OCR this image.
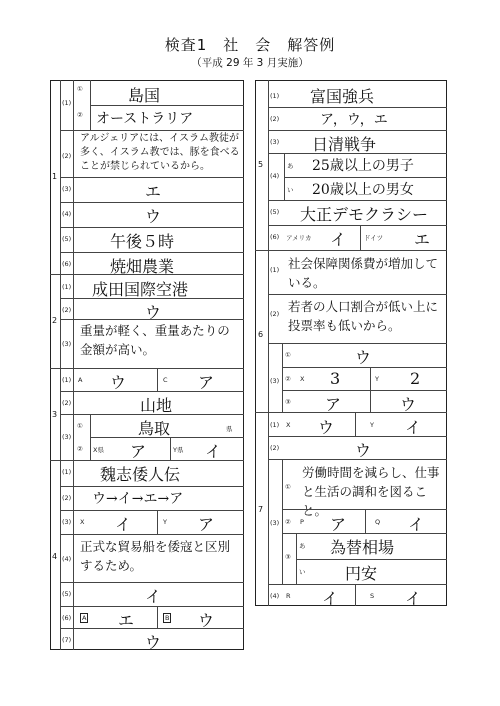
検査1　社　会　解答例
（平成 29 年 3 月実施）
1
(1)
①	島国
② オーストラリア
(2)
アルジェリアには、イスラム教徒が多く、イスラム教では、豚を食べることが禁じられているから。
(3)	エ
(4)	ウ
(5) 午後５時
(6) 焼畑農業
2
(1) 成田国際空港
(2)	ウ
(3)
重量が軽く、重量あたりの金額が高い。
3
(1) A ウ	C ア
(2)	山地
(3)
①	鳥取	県
② X県 ア	Y県 イ
4
(1) 魏志倭人伝
(2) ウ→イ→エ→ア
(3) X イ	Y ア
(4)
正式な貿易船を倭寇と区別するため。
(5)	イ
(6)	A エ	B ウ
(7)	ウ
5
(1) 富国強兵
(2)	ア，ウ，エ
(3) 日清戦争
(4)
あ 25歳以上の男子
い 20歳以上の男女
(5) 大正デモクラシー
(6) アメリカ イ	ドイツ エ
6
(1) 社会保障関係費が増加している。
(2) 若者の人口割合が低い上に投票率も低いから。
(3)
①	ウ
② X 3	Y 2
③ ア	ウ
7
(1) X ウ	Y イ
(2)	ウ
(3)
①
労働時間を減らし、仕事と生活の調和を図ること。
② P ア	Q イ
③
あ 為替相場
い 円安
(4) R イ	S イ
